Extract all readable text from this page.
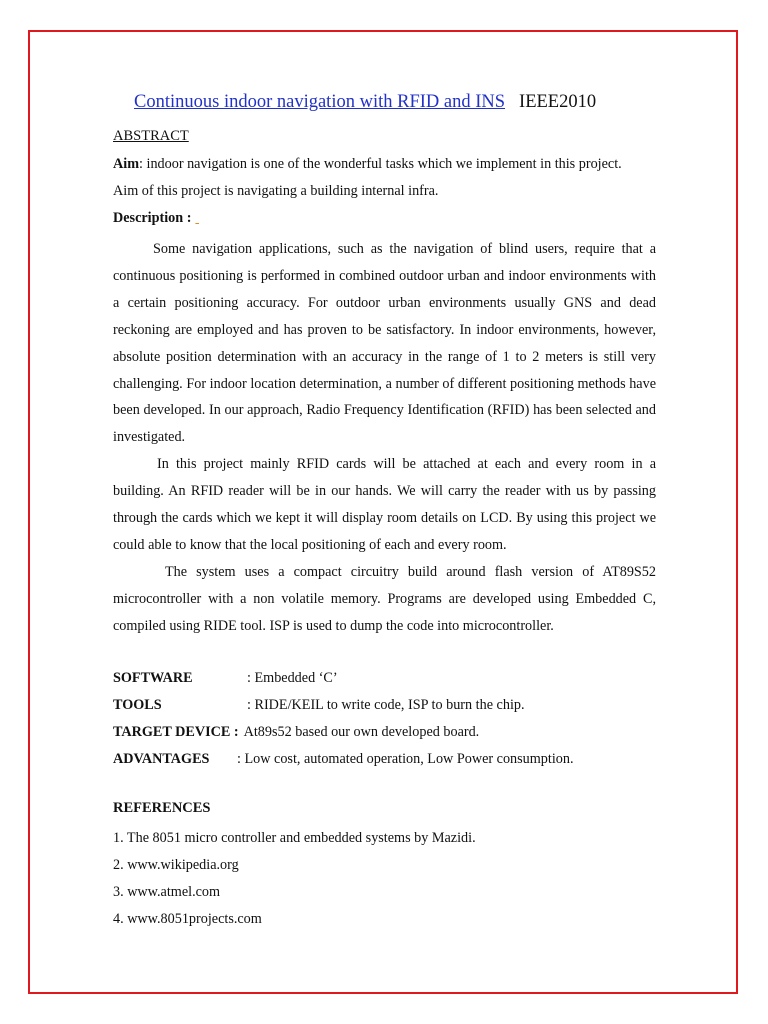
Continuous indoor navigation with RFID and INS IEEE2010
ABSTRACT
Aim: indoor navigation is one of the wonderful tasks which we implement in this project.
Aim of this project is navigating a building internal infra.
Description :

Some navigation applications, such as the navigation of blind users, require that a continuous positioning is performed in combined outdoor urban and indoor environments with a certain positioning accuracy. For outdoor urban environments usually GNS and dead reckoning are employed and has proven to be satisfactory. In indoor environments, however, absolute position determination with an accuracy in the range of 1 to 2 meters is still very challenging. For indoor location determination, a number of different positioning methods have been developed. In our approach, Radio Frequency Identification (RFID) has been selected and investigated.

In this project mainly RFID cards will be attached at each and every room in a building. An RFID reader will be in our hands. We will carry the reader with us by passing through the cards which we kept it will display room details on LCD. By using this project we could able to know that the local positioning of each and every room.

The system uses a compact circuitry build around flash version of AT89S52 microcontroller with a non volatile memory. Programs are developed using Embedded C, compiled using RIDE tool. ISP is used to dump the code into microcontroller.

SOFTWARE	: Embedded ‘C’
TOOLS	: RIDE/KEIL to write code, ISP to burn the chip.
TARGET DEVICE : At89s52 based our own developed board.
ADVANTAGES : Low cost, automated operation, Low Power consumption.
REFERENCES
1. The 8051 micro controller and embedded systems by Mazidi.
2. www.wikipedia.org
3. www.atmel.com
4. www.8051projects.com
